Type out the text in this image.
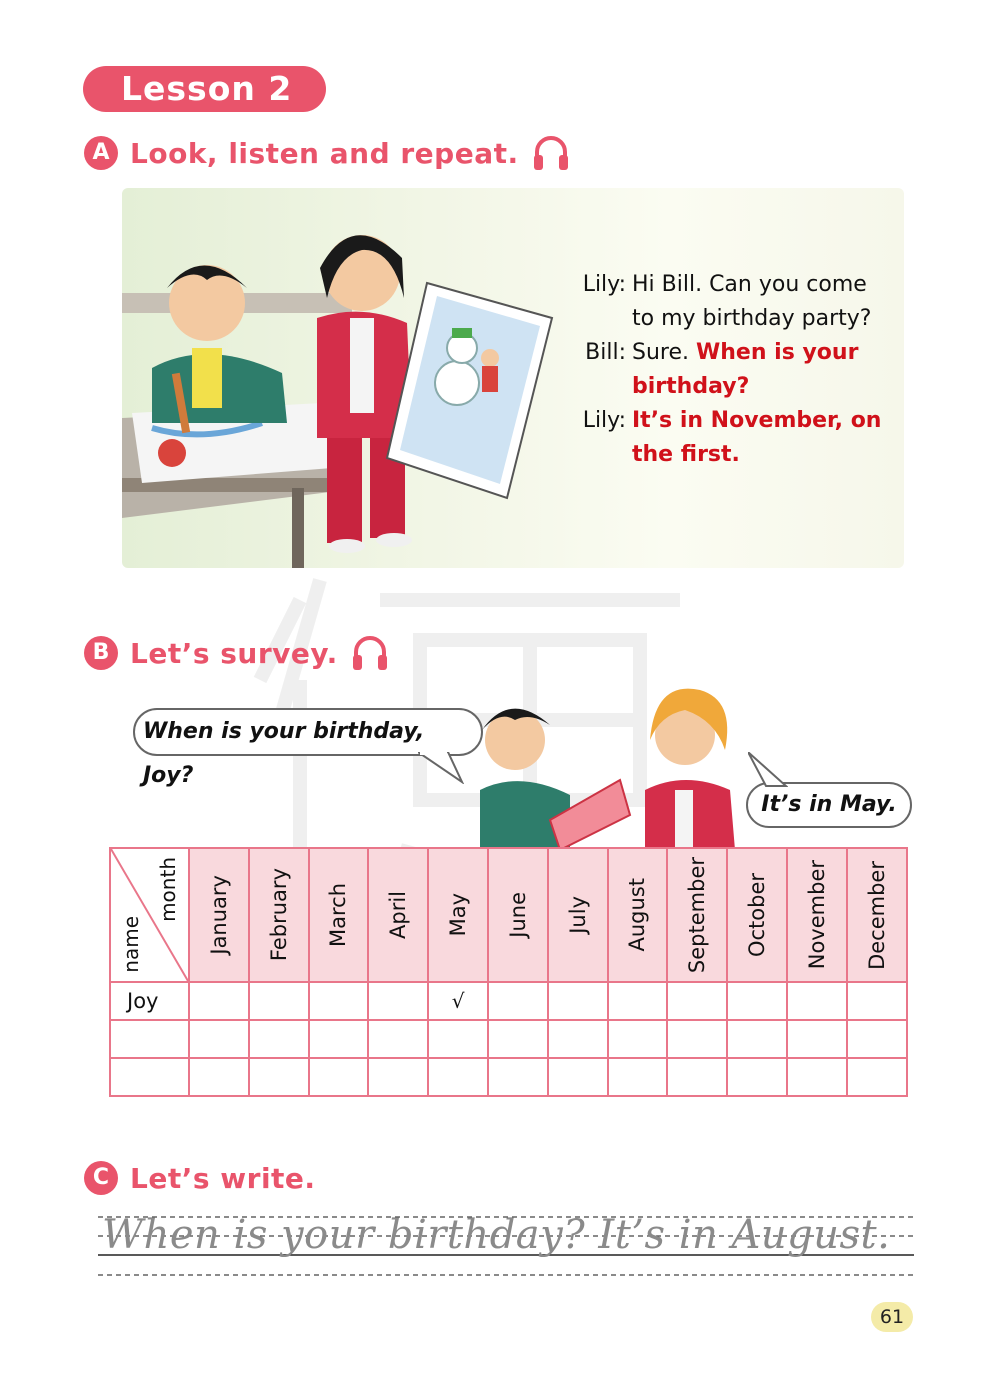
Lesson 2
A Look, listen and repeat.
Lily: Hi Bill. Can you come
to my birthday party?
Bill: Sure. When is your
birthday?
Lily: It’s in November, on
the first.
B Let’s survey.
When is your birthday, Joy?
It’s in May.
month
name	January	February	March	April	May	June	July	August	September	October	November	December

Joy					√							

C Let’s write.
When is your birthday? It’s in August.
61
